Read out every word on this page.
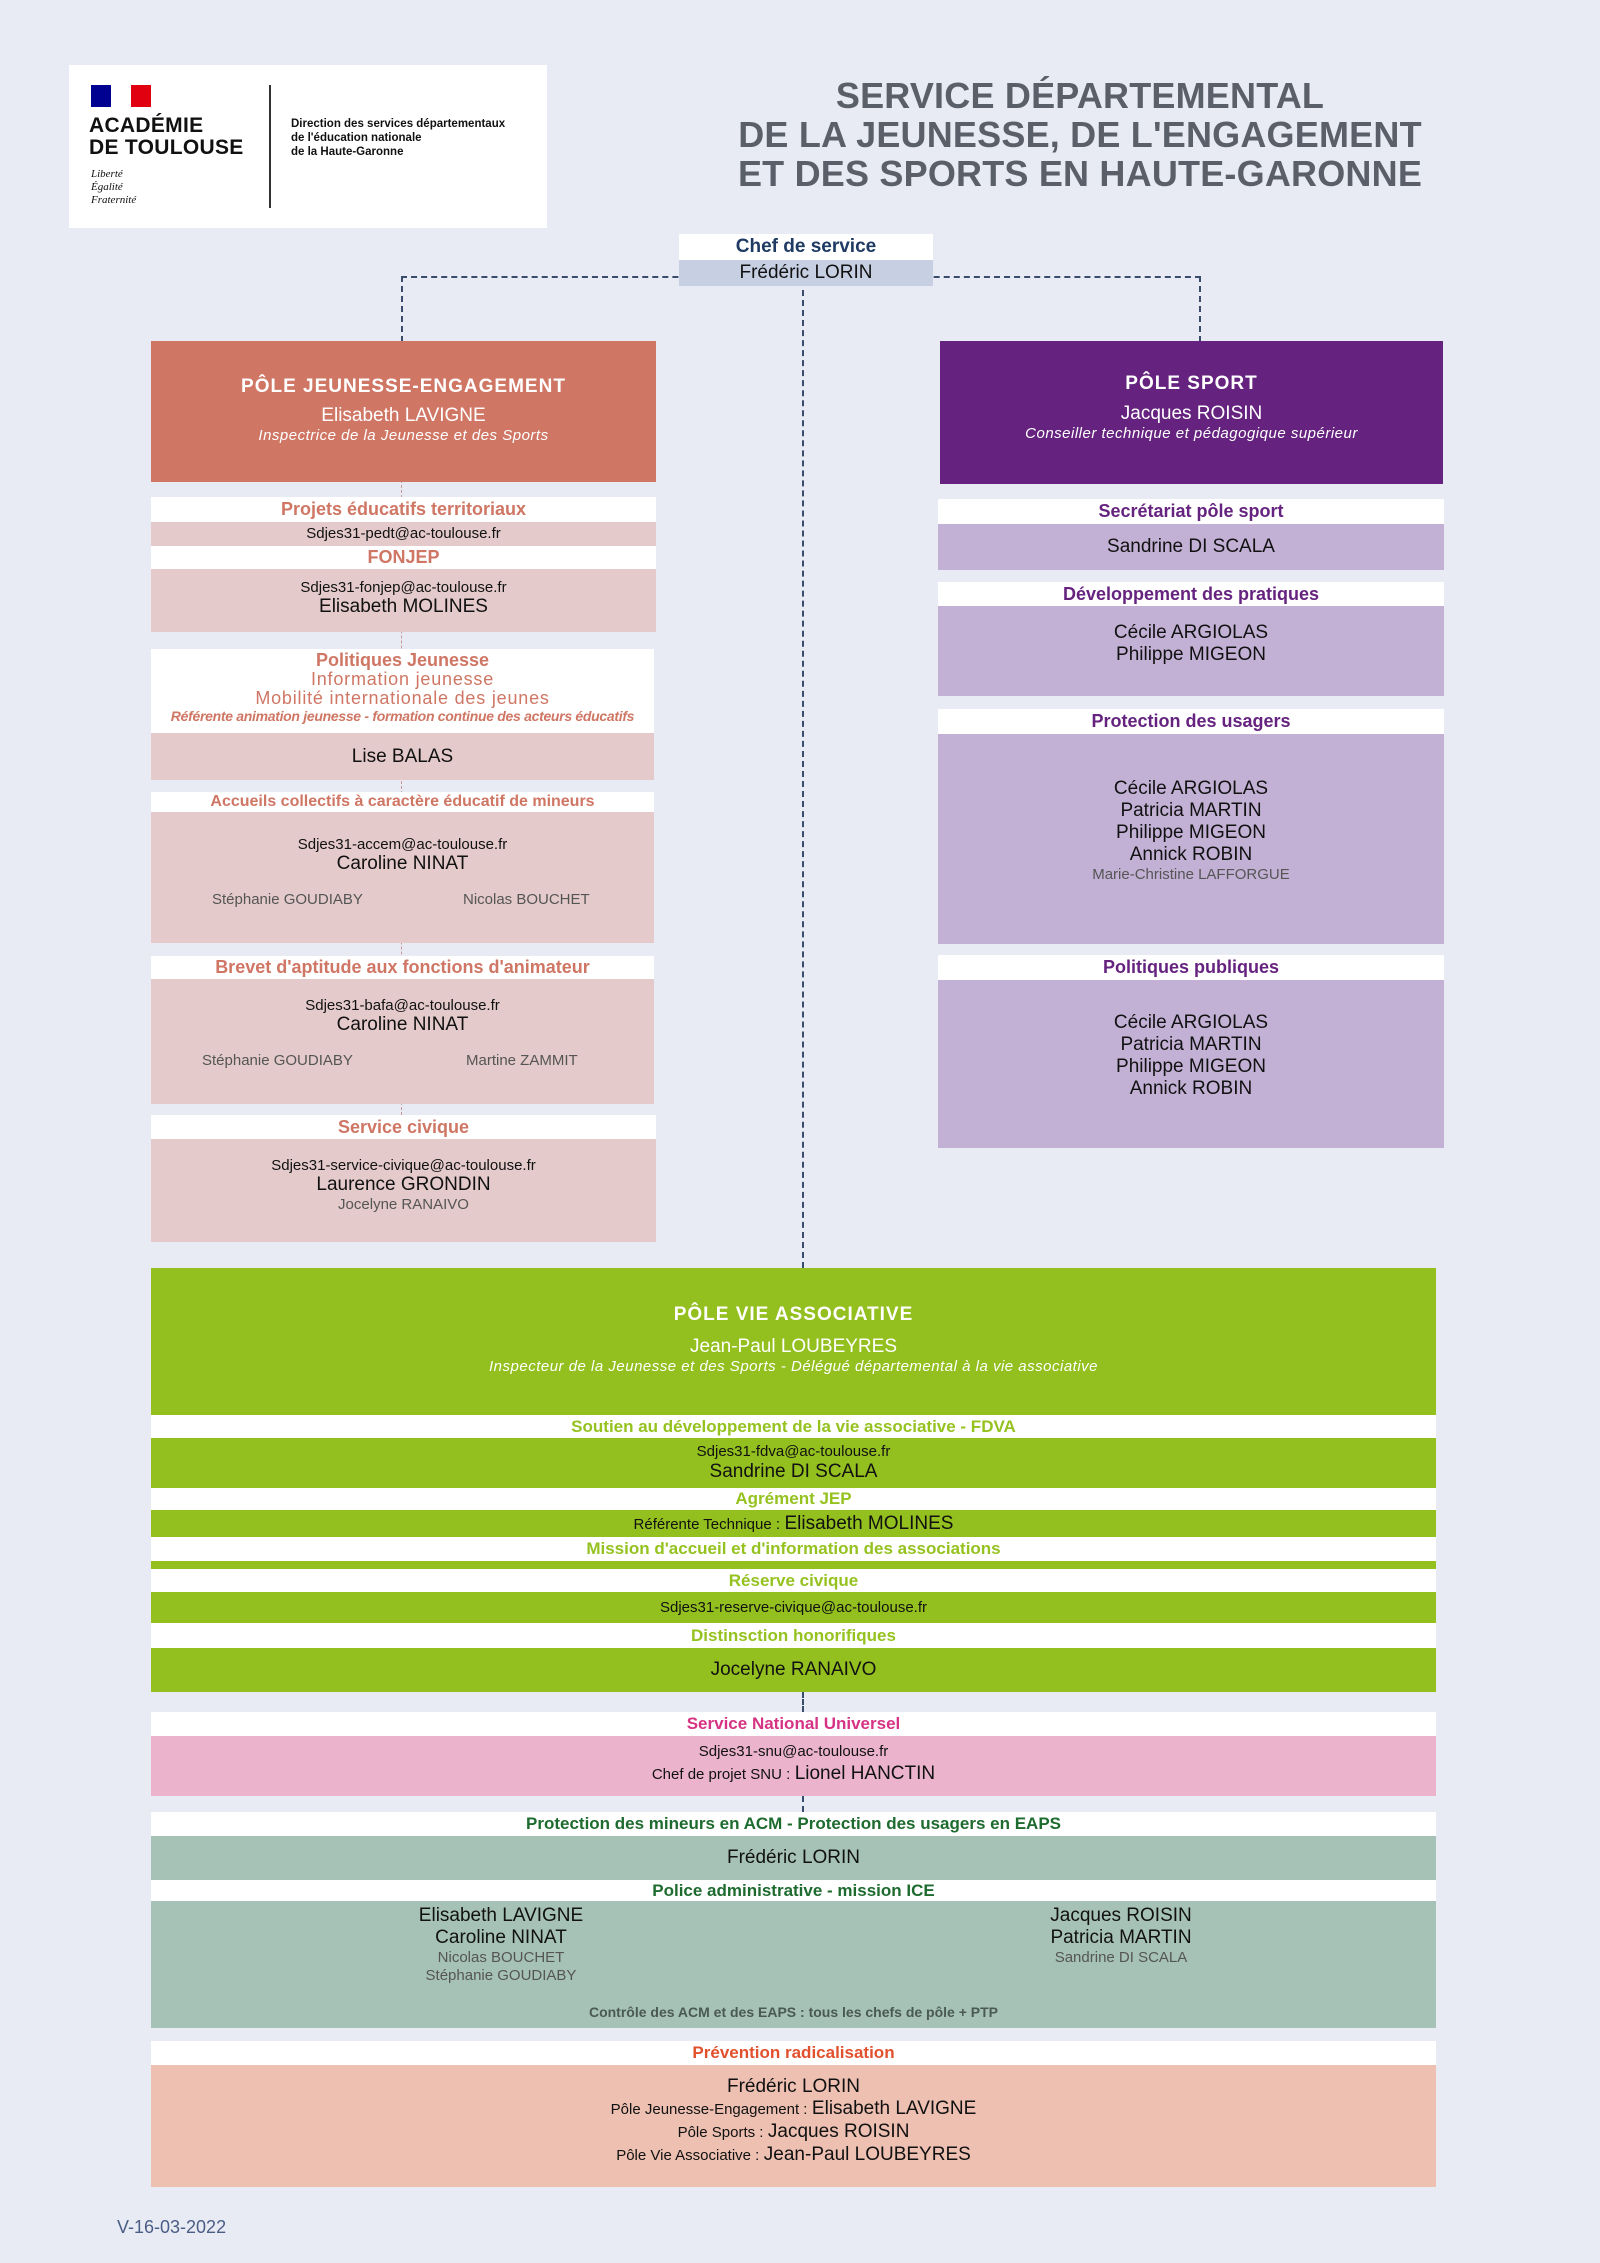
ACADÉMIE
DE TOULOUSE
Liberté
Égalité
Fraternité
Direction des services départementaux
de l'éducation nationale
de la Haute-Garonne
SERVICE DÉPARTEMENTAL
DE LA JEUNESSE, DE L'ENGAGEMENT
ET DES SPORTS EN HAUTE-GARONNE
Chef de service
Frédéric LORIN
PÔLE JEUNESSE-ENGAGEMENT
Elisabeth LAVIGNE
Inspectrice de la Jeunesse et des Sports
Projets éducatifs territoriaux
Sdjes31-pedt@ac-toulouse.fr
FONJEP
Sdjes31-fonjep@ac-toulouse.fr
Elisabeth MOLINES
Politiques Jeunesse
Information jeunesse
Mobilité internationale des jeunes
Référente animation jeunesse - formation continue des acteurs éducatifs
Lise BALAS
Accueils collectifs à caractère éducatif de mineurs
Sdjes31-accem@ac-toulouse.fr
Caroline NINAT
Stéphanie GOUDIABY	Nicolas BOUCHET
Brevet d'aptitude aux fonctions d'animateur
Sdjes31-bafa@ac-toulouse.fr
Caroline NINAT
Stéphanie GOUDIABY	Martine ZAMMIT
Service civique
Sdjes31-service-civique@ac-toulouse.fr
Laurence GRONDIN
Jocelyne RANAIVO
PÔLE SPORT
Jacques ROISIN
Conseiller technique et pédagogique supérieur
Secrétariat pôle sport
Sandrine DI SCALA
Développement des pratiques
Cécile ARGIOLAS
Philippe MIGEON
Protection des usagers
Cécile ARGIOLAS
Patricia MARTIN
Philippe MIGEON
Annick ROBIN
Marie-Christine LAFFORGUE
Politiques publiques
Cécile ARGIOLAS
Patricia MARTIN
Philippe MIGEON
Annick ROBIN
PÔLE VIE ASSOCIATIVE
Jean-Paul LOUBEYRES
Inspecteur de la Jeunesse et des Sports - Délégué départemental à la vie associative
Soutien au développement de la vie associative - FDVA
Sdjes31-fdva@ac-toulouse.fr
Sandrine DI SCALA
Agrément JEP
Référente Technique : Elisabeth MOLINES
Mission d'accueil et d'information des associations
Réserve civique
Sdjes31-reserve-civique@ac-toulouse.fr
Distinsction honorifiques
Jocelyne RANAIVO
Service National Universel
Sdjes31-snu@ac-toulouse.fr
Chef de projet SNU : Lionel HANCTIN
Protection des mineurs en ACM - Protection des usagers en EAPS
Frédéric LORIN
Police administrative - mission ICE
Elisabeth LAVIGNE
Caroline NINAT
Nicolas BOUCHET
Stéphanie GOUDIABY
Jacques ROISIN
Patricia MARTIN
Sandrine DI SCALA
Contrôle des ACM et des EAPS : tous les chefs de pôle + PTP
Prévention radicalisation
Frédéric LORIN
Pôle Jeunesse-Engagement : Elisabeth LAVIGNE
Pôle Sports : Jacques ROISIN
Pôle Vie Associative : Jean-Paul LOUBEYRES
V-16-03-2022
